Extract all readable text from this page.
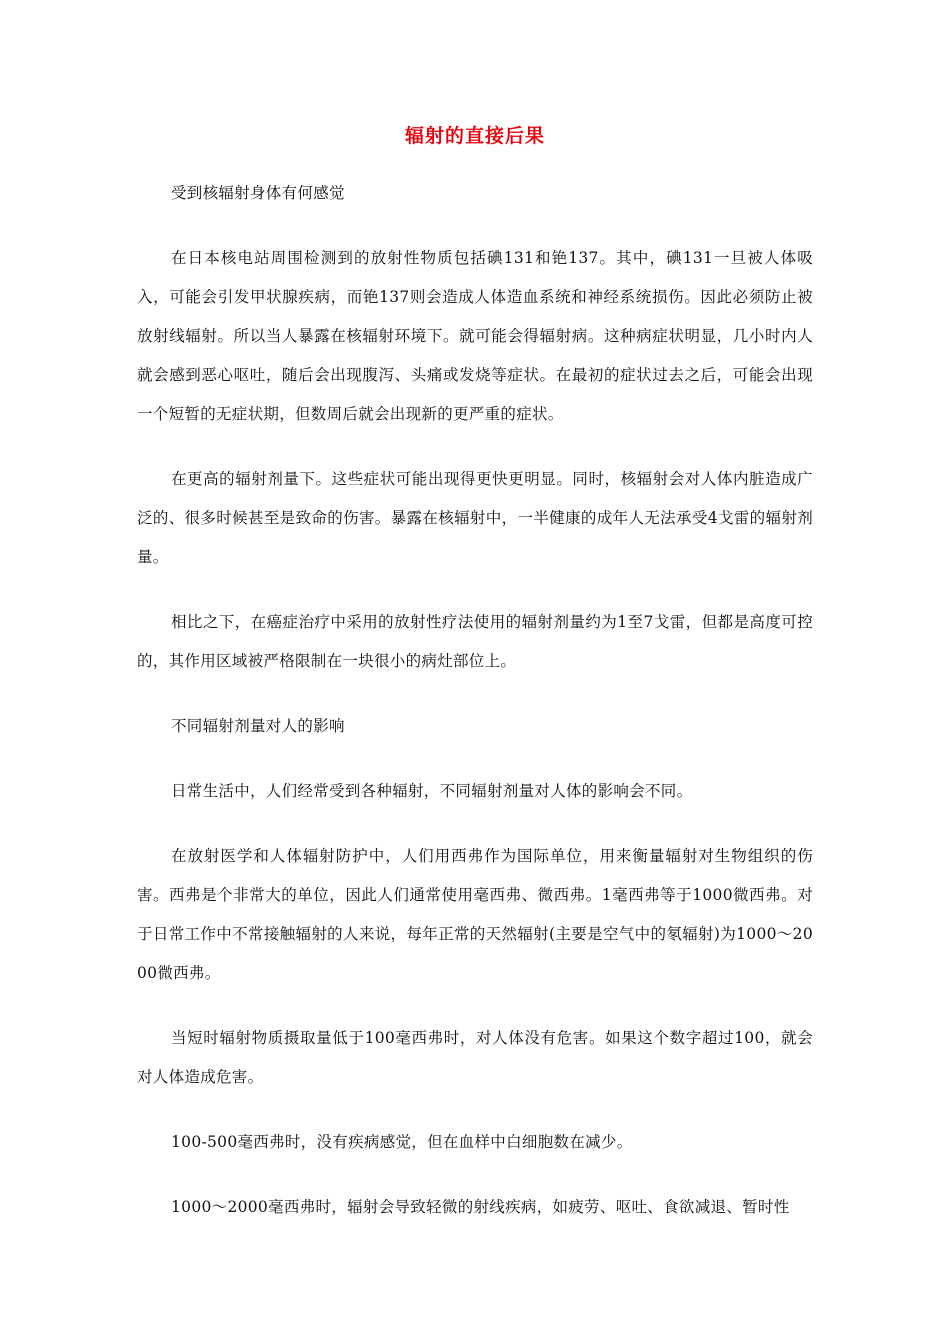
辐射的直接后果
受到核辐射身体有何感觉

在日本核电站周围检测到的放射性物质包括碘131和铯137。其中，碘131一旦被人体吸入，可能会引发甲状腺疾病，而铯137则会造成人体造血系统和神经系统损伤。因此必须防止被放射线辐射。所以当人暴露在核辐射环境下。就可能会得辐射病。这种病症状明显，几小时内人就会感到恶心呕吐，随后会出现腹泻、头痛或发烧等症状。在最初的症状过去之后，可能会出现一个短暂的无症状期，但数周后就会出现新的更严重的症状。

在更高的辐射剂量下。这些症状可能出现得更快更明显。同时，核辐射会对人体内脏造成广泛的、很多时候甚至是致命的伤害。暴露在核辐射中，一半健康的成年人无法承受4戈雷的辐射剂量。

相比之下，在癌症治疗中采用的放射性疗法使用的辐射剂量约为1至7戈雷，但都是高度可控的，其作用区域被严格限制在一块很小的病灶部位上。

不同辐射剂量对人的影响

日常生活中，人们经常受到各种辐射，不同辐射剂量对人体的影响会不同。

在放射医学和人体辐射防护中，人们用西弗作为国际单位，用来衡量辐射对生物组织的伤害。西弗是个非常大的单位，因此人们通常使用毫西弗、微西弗。1毫西弗等于1000微西弗。对于日常工作中不常接触辐射的人来说，每年正常的天然辐射(主要是空气中的氡辐射)为1000～2000微西弗。

当短时辐射物质摄取量低于100毫西弗时，对人体没有危害。如果这个数字超过100，就会对人体造成危害。

100-500毫西弗时，没有疾病感觉，但在血样中白细胞数在减少。

1000～2000毫西弗时，辐射会导致轻微的射线疾病，如疲劳、呕吐、食欲减退、暂时性
